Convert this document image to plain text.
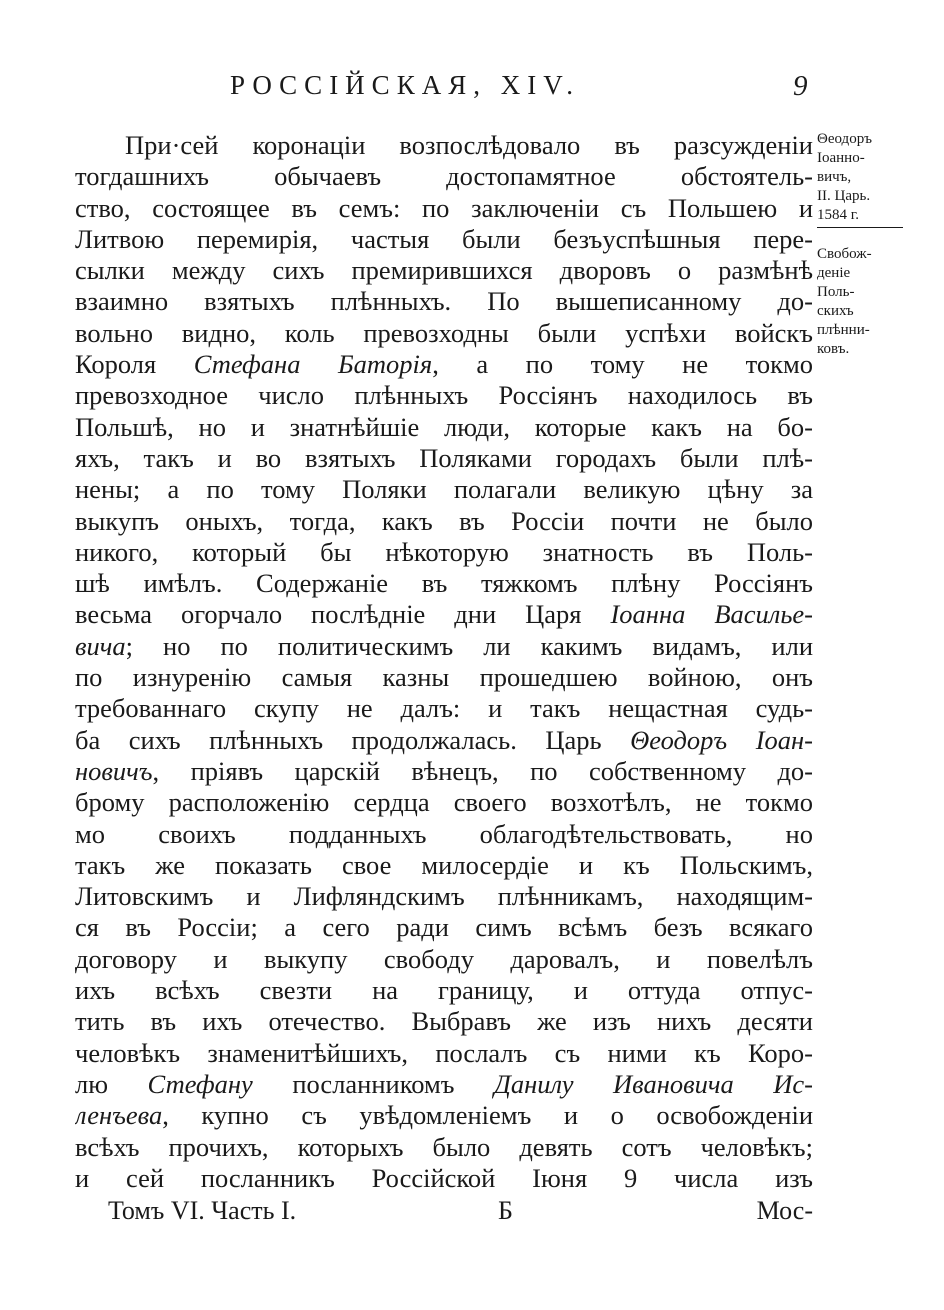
РОССІЙСКАЯ, XIV.	9
При·сей коронаціи возпослѣдовало въ разсужденіи
тогдашнихъ обычаевъ достопамятное обстоятель-
ство, состоящее въ семъ: по заключеніи съ Польшею и
Литвою перемирія, частыя были безъуспѣшныя пере-
сылки между сихъ премирившихся дворовъ о размѣнѣ
взаимно взятыхъ плѣнныхъ. По вышеписанному до-
вольно видно, коль превозходны были успѣхи войскъ
Короля Стефана Баторія, а по тому не токмо
превозходное число плѣнныхъ Россіянъ находилось въ
Польшѣ, но и знатнѣйшіе люди, которые какъ на бо-
яхъ, такъ и во взятыхъ Поляками городахъ были плѣ-
нены; а по тому Поляки полагали великую цѣну за
выкупъ оныхъ, тогда, какъ въ Россіи почти не было
никого, который бы нѣкоторую знатность въ Поль-
шѣ имѣлъ. Содержаніе въ тяжкомъ плѣну Россіянъ
весьма огорчало послѣдніе дни Царя Іоанна Василье-
вича; но по политическимъ ли какимъ видамъ, или
по изнуренію самыя казны прошедшею войною, онъ
требованнаго скупу не далъ: и такъ нещастная судь-
ба сихъ плѣнныхъ продолжалась. Царь Θеодоръ Іоан-
новичъ, пріявъ царскій вѣнецъ, по собственному до-
брому расположенію сердца своего возхотѣлъ, не токмо
мо своихъ подданныхъ облагодѣтельствовать, но
такъ же показать свое милосердіе и къ Польскимъ,
Литовскимъ и Лифляндскимъ плѣнникамъ, находящим-
ся въ Россіи; а сего ради симъ всѣмъ безъ всякаго
договору и выкупу свободу даровалъ, и повелѣлъ
ихъ всѣхъ свезти на границу, и оттуда отпус-
тить въ ихъ отечество. Выбравъ же изъ нихъ десяти
человѣкъ знаменитѣйшихъ, послалъ съ ними къ Коро-
лю Стефану посланникомъ Данилу Ивановича Ис-
ленъева, купно съ увѣдомленіемъ и о освобожденіи
всѣхъ прочихъ, которыхъ было девять сотъ человѣкъ;
и сей посланникъ Россійской Іюня 9 числа изъ
Θеодоръ
Іоанно-
вичъ,
II. Царь.
1584 г.
Свобож-
деніе
Поль-
скихъ
плѣнни-
ковъ.
Томъ VI. Часть I.	Б	Мос-
